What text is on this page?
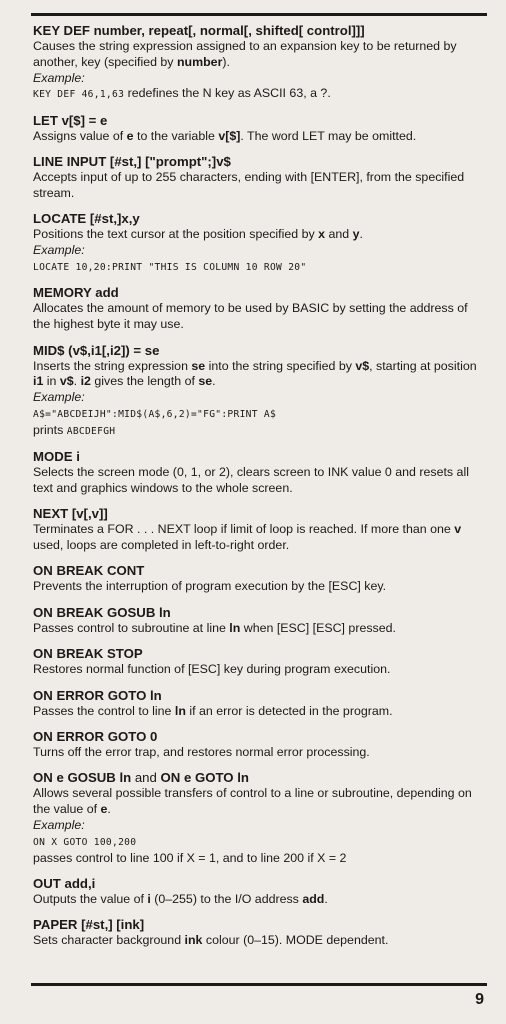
KEY DEF number, repeat[, normal[, shifted[ control]]]
Causes the string expression assigned to an expansion key to be returned by another, key (specified by number).
Example:
KEY DEF 46,1,63 redefines the N key as ASCII 63, a ?.
LET v[$] = e
Assigns value of e to the variable v[$]. The word LET may be omitted.
LINE INPUT [#st,] ["prompt";]v$
Accepts input of up to 255 characters, ending with [ENTER], from the specified stream.
LOCATE [#st,]x,y
Positions the text cursor at the position specified by x and y.
Example:
LOCATE 10,20:PRINT "THIS IS COLUMN 10 ROW 20"
MEMORY add
Allocates the amount of memory to be used by BASIC by setting the address of the highest byte it may use.
MID$ (v$,i1[,i2]) = se
Inserts the string expression se into the string specified by v$, starting at position i1 in v$. i2 gives the length of se.
Example:
A$="ABCDEIJH":MID$(A$,6,2)="FG":PRINT A$
prints ABCDEFGH
MODE i
Selects the screen mode (0, 1, or 2), clears screen to INK value 0 and resets all text and graphics windows to the whole screen.
NEXT [v[,v]]
Terminates a FOR . . . NEXT loop if limit of loop is reached. If more than one v used, loops are completed in left-to-right order.
ON BREAK CONT
Prevents the interruption of program execution by the [ESC] key.
ON BREAK GOSUB ln
Passes control to subroutine at line ln when [ESC] [ESC] pressed.
ON BREAK STOP
Restores normal function of [ESC] key during program execution.
ON ERROR GOTO ln
Passes the control to line ln if an error is detected in the program.
ON ERROR GOTO 0
Turns off the error trap, and restores normal error processing.
ON e GOSUB ln and ON e GOTO ln
Allows several possible transfers of control to a line or subroutine, depending on the value of e.
Example:
ON X GOTO 100,200
passes control to line 100 if X = 1, and to line 200 if X = 2
OUT add,i
Outputs the value of i (0–255) to the I/O address add.
PAPER [#st,] [ink]
Sets character background ink colour (0–15). MODE dependent.
9
